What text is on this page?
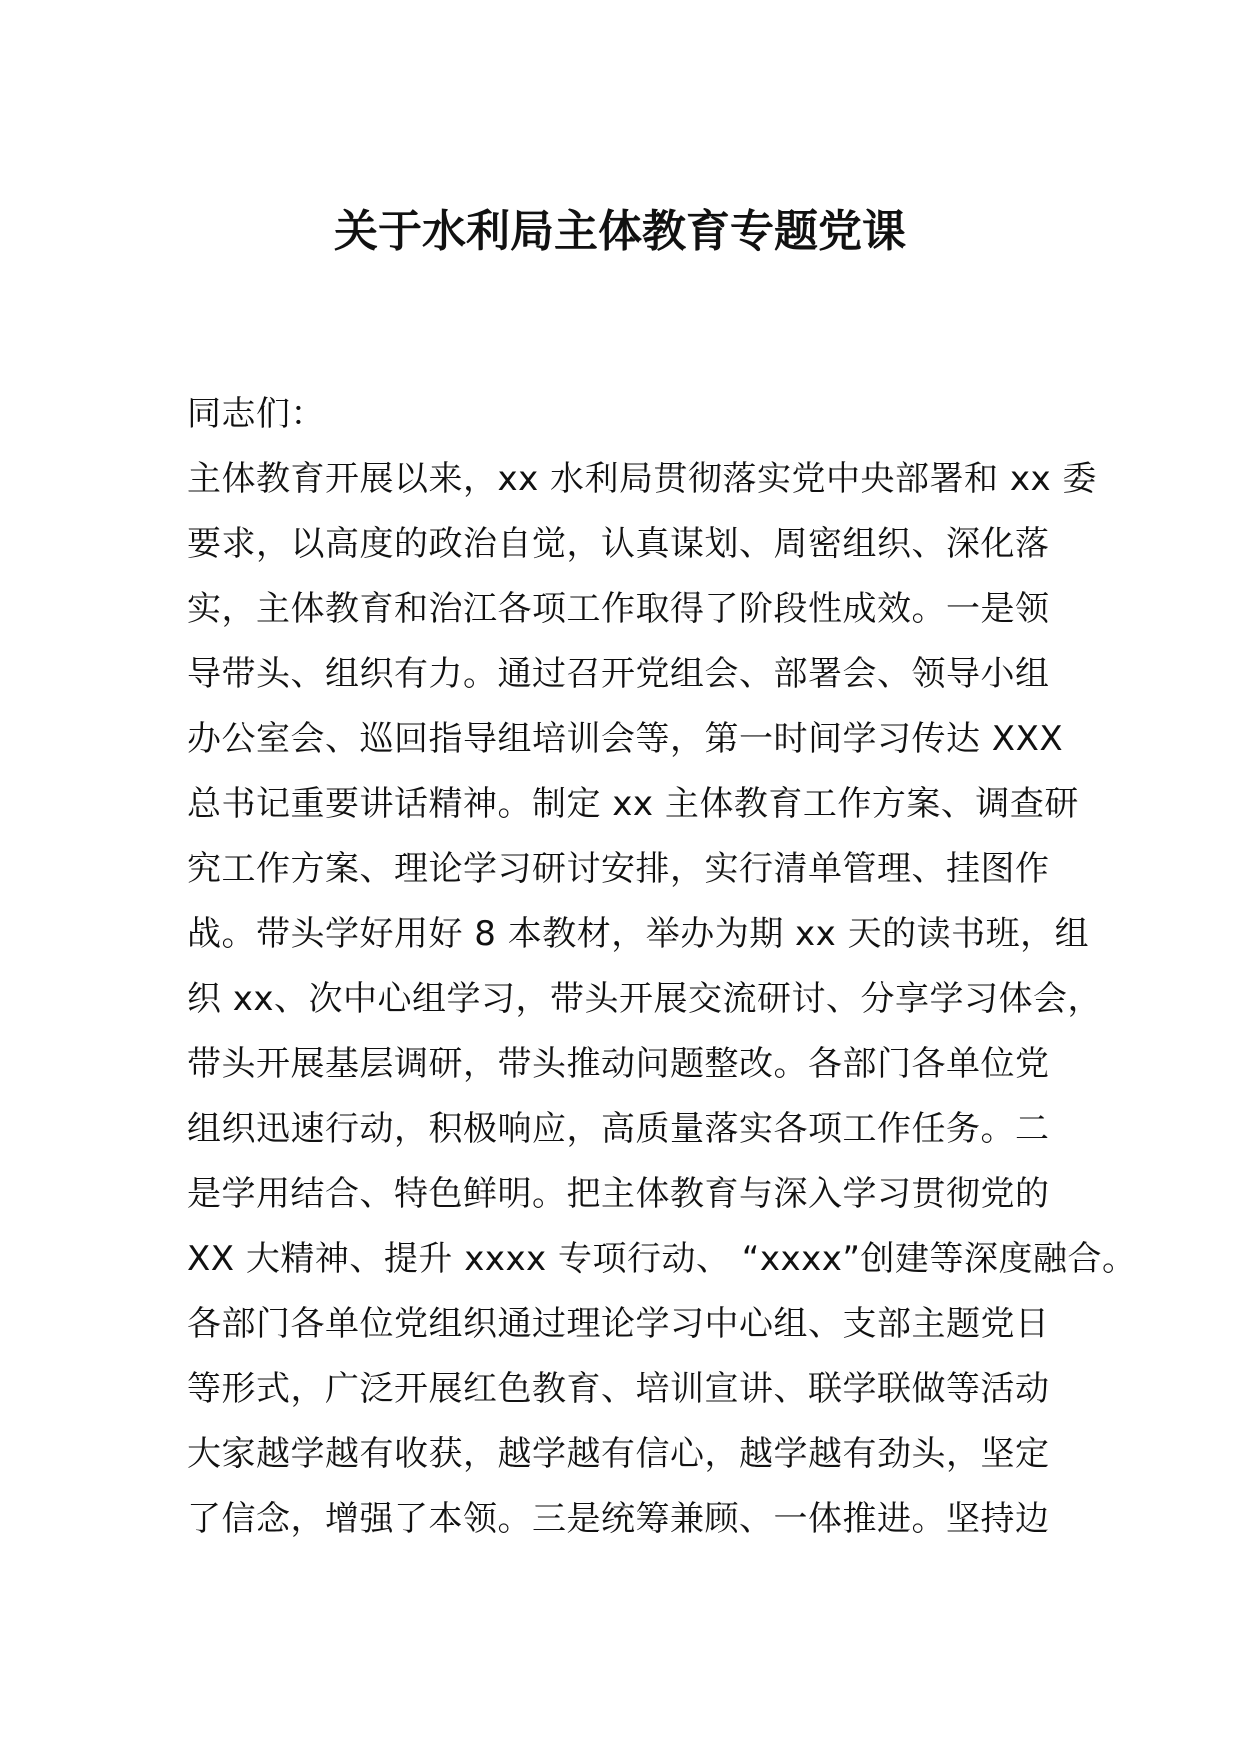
关于水利局主体教育专题党课
同志们：
主体教育开展以来，xx 水利局贯彻落实党中央部署和 xx 委
要求，以高度的政治自觉，认真谋划、周密组织、深化落
实，主体教育和治江各项工作取得了阶段性成效。一是领
导带头、组织有力。通过召开党组会、部署会、领导小组
办公室会、巡回指导组培训会等，第一时间学习传达 XXX
总书记重要讲话精神。制定 xx 主体教育工作方案、调查研
究工作方案、理论学习研讨安排，实行清单管理、挂图作
战。带头学好用好 8 本教材，举办为期 xx 天的读书班，组
织 xx、次中心组学习，带头开展交流研讨、分享学习体会，
带头开展基层调研，带头推动问题整改。各部门各单位党
组织迅速行动，积极响应，高质量落实各项工作任务。二
是学用结合、特色鲜明。把主体教育与深入学习贯彻党的
XX 大精神、提升 xxxx 专项行动、 “xxxx”创建等深度融合。
各部门各单位党组织通过理论学习中心组、支部主题党日
等形式，广泛开展红色教育、培训宣讲、联学联做等活动
大家越学越有收获，越学越有信心，越学越有劲头，坚定
了信念，增强了本领。三是统筹兼顾、一体推进。坚持边
